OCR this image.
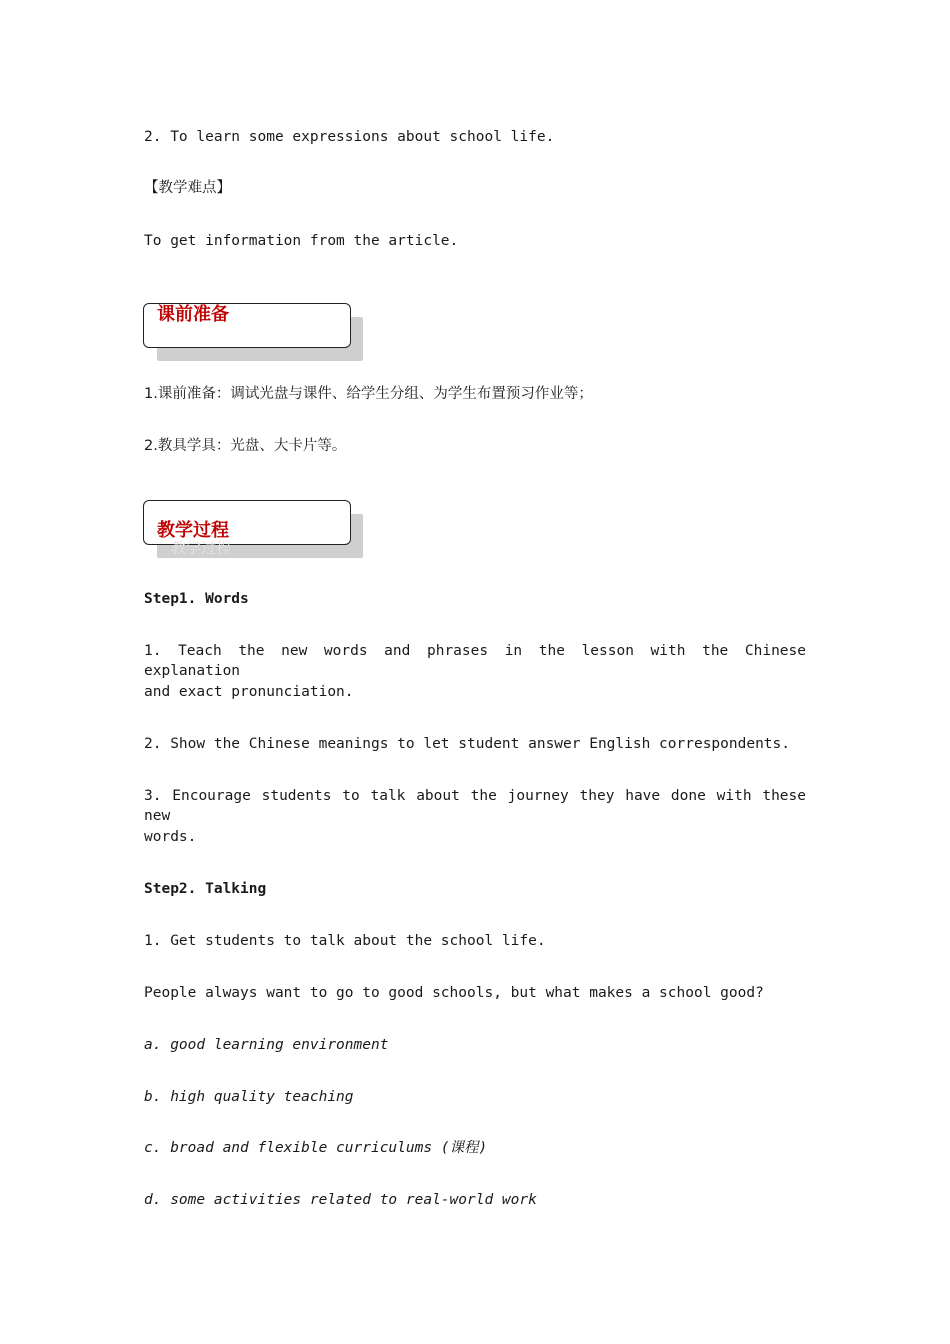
2. To learn some expressions about school life.
【教学难点】
To get information from the article.
课前准备
1.课前准备：调试光盘与课件、给学生分组、为学生布置预习作业等；
2.教具学具：光盘、大卡片等。
教学过程
教学过程
Step1. Words
1. Teach the new words and phrases in the lesson with the Chinese explanation
and exact pronunciation.
2. Show the Chinese meanings to let student answer English correspondents.
3. Encourage students to talk about the journey they have done with these new
words.
Step2. Talking
1. Get students to talk about the school life.
People always want to go to good schools, but what makes a school good?
a. good learning environment
b. high quality teaching
c. broad and flexible curriculums (课程)
d. some activities related to real-world work
